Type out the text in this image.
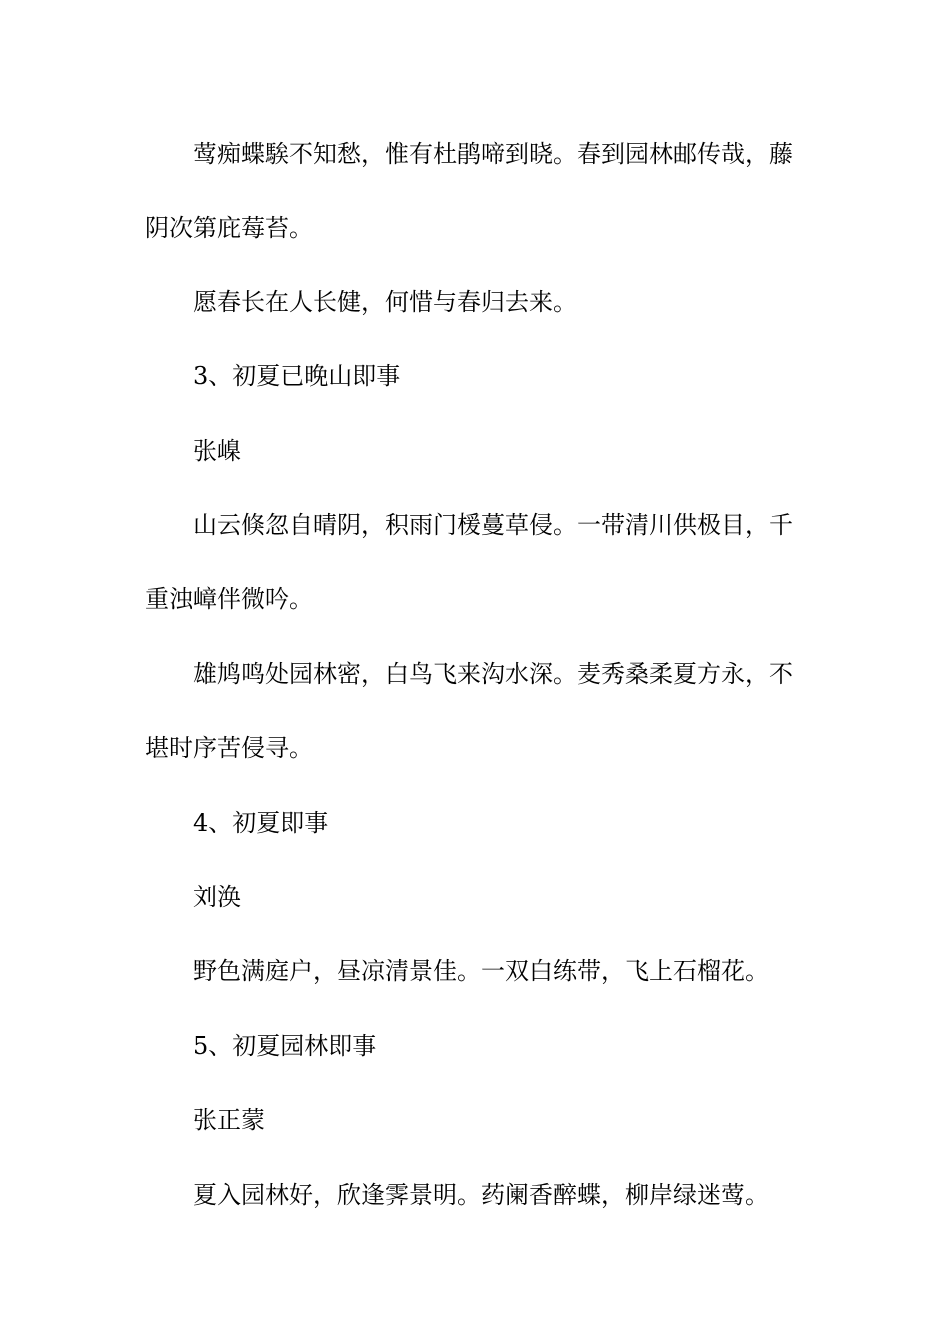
莺痴蝶騃不知愁，惟有杜鹃啼到晓。春到园林邮传哉，藤
阴次第庇莓苔。
愿春长在人长健，何惜与春归去来。
3、初夏已晚山即事
张嵲
山云倏忽自晴阴，积雨门楥蔓草侵。一带清川供极目，千
重浊嶂伴微吟。
雄鸠鸣处园林密，白鸟飞来沟水深。麦秀桑柔夏方永，不
堪时序苦侵寻。
4、初夏即事
刘涣
野色满庭户，昼凉清景佳。一双白练带，飞上石榴花。
5、初夏园林即事
张正蒙
夏入园林好，欣逢霁景明。药阑香醉蝶，柳岸绿迷莺。
